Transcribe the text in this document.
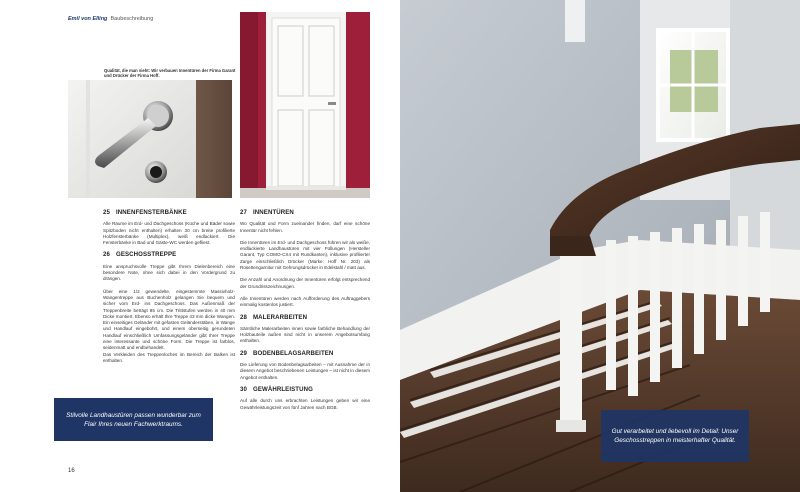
Emil von Elling Baubeschreibung
Qualität, die man sieht: Wir verbauen Innentüren der Firma Garant und Drücker der Firma Hoff.
25 INNENFENSTERBÄNKE
Alle Räume im Erd- und Dachgeschoss (Küche und Bäder sowie Spitzboden nicht enthalten) erhalten 30 cm breite profilierte Holzfensterbänke (Multiplex), weiß endlackiert. Die Fensterbänke in Bad und Gäste-WC werden gefliest.
26 GESCHOSSTREPPE
Eine anspruchsvolle Treppe gibt Ihrem Dielenbereich eine besondere Note, ohne sich dabei in den Vordergrund zu drängen.
Über eine 1/2 gewendelte, eingestemmte Massivholz-Wangentreppe aus Buchenholz gelangen Sie bequem und sicher vom Erd- ins Dachgeschoss. Das Außenmaß der Treppenbreite beträgt 85 cm. Die Trittstufen werden in 40 mm Dicke montiert. Ebenso erhält Ihre Treppe 43 mm dicke Wangen. Ein einseitiges Geländer mit gefasten Geländerstäben, in Wange und Handlauf eingebohrt, und einem oberseitig gerundeten Handlauf einschließlich Umfassungsgeländer gibt Ihrer Treppe eine interessante und schöne Form. Die Treppe ist farblos, seidenmatt und endbehandelt.
Das Verkleiden des Treppenloches im Bereich der Balken ist enthalten.
27 INNENTÜREN
Wo Qualität und Form zueinander finden, darf eine schöne Innentür nicht fehlen.
Die Innentüren im Erd- und Dachgeschoss führen wir als weiße, endlackierte Landhaustüren mit vier Füllungen (Hersteller Garant, Typ COMO-CX4 mit Rundkanten), inklusive profilierter Zarge einschließlich Drücker (Marke: Hoff Nr. 203) als Rosettengarnitur mit Gehrungsdrücker in Edelstahl / matt aus.
Die Anzahl und Anordnung der Innentüren erfolgt entsprechend der Grundrisszeichnungen.
Alle Innentüren werden nach Aufforderung des Auftraggebers einmalig kostenlos justiert.
28 MALERARBEITEN
Sämtliche Malerarbeiten innen sowie farbliche Behandlung der Holzbauteile außen sind nicht in unserem Angebotsumfang enthalten.
29 BODENBELAGSARBEITEN
Die Lieferung von Bodenbelagsarbeiten – mit Ausnahme der in diesem Angebot beschriebenen Leistungen – ist nicht in diesem Angebot enthalten.
30 GEWÄHRLEISTUNG
Auf alle durch uns erbrachten Leistungen geben wir eine Gewährleistungszeit von fünf Jahren nach BGB.
Stilvolle Landhaustüren passen wunderbar zum Flair Ihres neuen Fachwerktraums.
16
Gut verarbeitet und liebevoll im Detail: Unser Geschosstreppen in meisterhafter Qualität.
